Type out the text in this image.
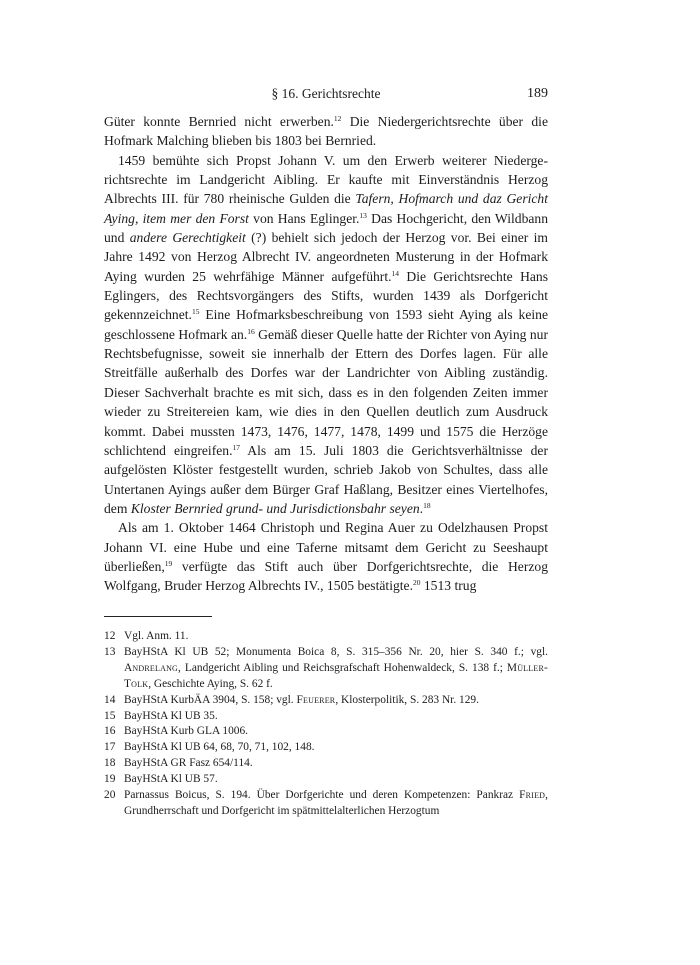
§ 16. Gerichtsrechte	189

Güter konnte Bernried nicht erwerben.$^{12}$ Die Niedergerichtsrechte über die Hofmark Malching blieben bis 1803 bei Bernried.

1459 bemühte sich Propst Johann V. um den Erwerb weiterer Niedergerichtsrechte im Landgericht Aibling. Er kaufte mit Einverständnis Herzog Albrechts III. für 780 rheinische Gulden die Tafern, Hofmarch und daz Gericht Aying, item mer den Forst von Hans Eglinger.$^{13}$ Das Hochgericht, den Wildbann und andere Gerechtigkeit (?) behielt sich jedoch der Herzog vor. Bei einer im Jahre 1492 von Herzog Albrecht IV. angeordneten Musterung in der Hofmark Aying wurden 25 wehrfähige Männer aufgeführt.$^{14}$ Die Gerichtsrechte Hans Eglingers, des Rechtsvorgängers des Stifts, wurden 1439 als Dorfgericht gekennzeichnet.$^{15}$ Eine Hofmarksbeschreibung von 1593 sieht Aying als keine geschlossene Hofmark an.$^{16}$ Gemäß dieser Quelle hatte der Richter von Aying nur Rechtsbefugnisse, soweit sie innerhalb der Ettern des Dorfes lagen. Für alle Streitfälle außerhalb des Dorfes war der Landrichter von Aibling zuständig. Dieser Sachverhalt brachte es mit sich, dass es in den folgenden Zeiten immer wieder zu Streitereien kam, wie dies in den Quellen deutlich zum Ausdruck kommt. Dabei mussten 1473, 1476, 1477, 1478, 1499 und 1575 die Herzöge schlichtend eingreifen.$^{17}$ Als am 15. Juli 1803 die Gerichtsverhältnisse der aufgelösten Klöster festgestellt wurden, schrieb Jakob von Schultes, dass alle Untertanen Ayings außer dem Bürger Graf Haßlang, Besitzer eines Viertelhofes, dem Kloster Bernried grund- und Jurisdictionsbahr seyen.$^{18}$

Als am 1. Oktober 1464 Christoph und Regina Auer zu Odelzhausen Propst Johann VI. eine Hube und eine Taferne mitsamt dem Gericht zu Seeshaupt überließen,$^{19}$ verfügte das Stift auch über Dorfgerichtsrechte, die Herzog Wolfgang, Bruder Herzog Albrechts IV., 1505 bestätigte.$^{20}$ 1513 trug

12 Vgl. Anm. 11.
13 BayHStA Kl UB 52; Monumenta Boica 8, S. 315–356 Nr. 20, hier S. 340 f.; vgl. Andrelang, Landgericht Aibling und Reichsgrafschaft Hohenwaldeck, S. 138 f.; Müller-Tolk, Geschichte Aying, S. 62 f.
14 BayHStA KurbÄA 3904, S. 158; vgl. Feuerer, Klosterpolitik, S. 283 Nr. 129.
15 BayHStA Kl UB 35.
16 BayHStA Kurb GLA 1006.
17 BayHStA Kl UB 64, 68, 70, 71, 102, 148.
18 BayHStA GR Fasz 654/114.
19 BayHStA Kl UB 57.
20 Parnassus Boicus, S. 194. Über Dorfgerichte und deren Kompetenzen: Pankraz Fried, Grundherrschaft und Dorfgericht im spätmittelalterlichen Herzogtum
